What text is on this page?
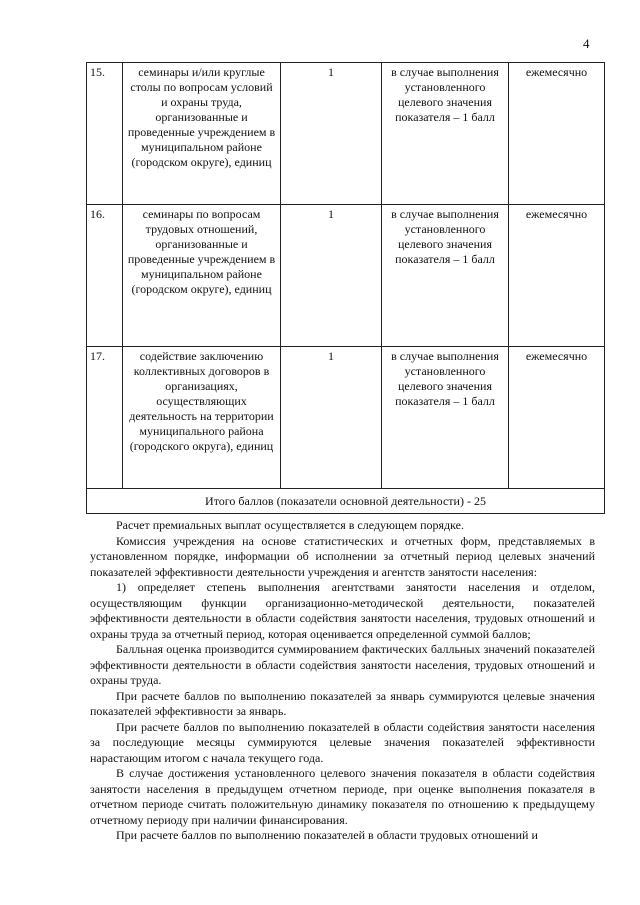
4
15.	семинары и/или круглые столы по вопросам условий и охраны труда, организованные и проведенные учреждением в муниципальном районе (городском округе), единиц	1	в случае выполнения установленного целевого значения показателя – 1 балл	ежемесячно
16.	семинары по вопросам трудовых отношений, организованные и проведенные учреждением в муниципальном районе (городском округе), единиц	1	в случае выполнения установленного целевого значения показателя – 1 балл	ежемесячно
17.	содействие заключению коллективных договоров в организациях, осуществляющих деятельность на территории муниципального района (городского округа), единиц	1	в случае выполнения установленного целевого значения показателя – 1 балл	ежемесячно
Итого баллов (показатели основной деятельности) - 25				

Расчет премиальных выплат осуществляется в следующем порядке.

Комиссия учреждения на основе статистических и отчетных форм, представляемых в установленном порядке, информации об исполнении за отчетный период целевых значений показателей эффективности деятельности учреждения и агентств занятости населения:

1) определяет степень выполнения агентствами занятости населения и отделом, осуществляющим функции организационно-методической деятельности, показателей эффективности деятельности в области содействия занятости населения, трудовых отношений и охраны труда за отчетный период, которая оценивается определенной суммой баллов;

Балльная оценка производится суммированием фактических балльных значений показателей эффективности деятельности в области содействия занятости населения, трудовых отношений и охраны труда.

При расчете баллов по выполнению показателей за январь суммируются целевые значения показателей эффективности за январь.

При расчете баллов по выполнению показателей в области содействия занятости населения за последующие месяцы суммируются целевые значения показателей эффективности нарастающим итогом с начала текущего года.

В случае достижения установленного целевого значения показателя в области содействия занятости населения в предыдущем отчетном периоде, при оценке выполнения показателя в отчетном периоде считать положительную динамику показателя по отношению к предыдущему отчетному периоду при наличии финансирования.

При расчете баллов по выполнению показателей в области трудовых отношений и
